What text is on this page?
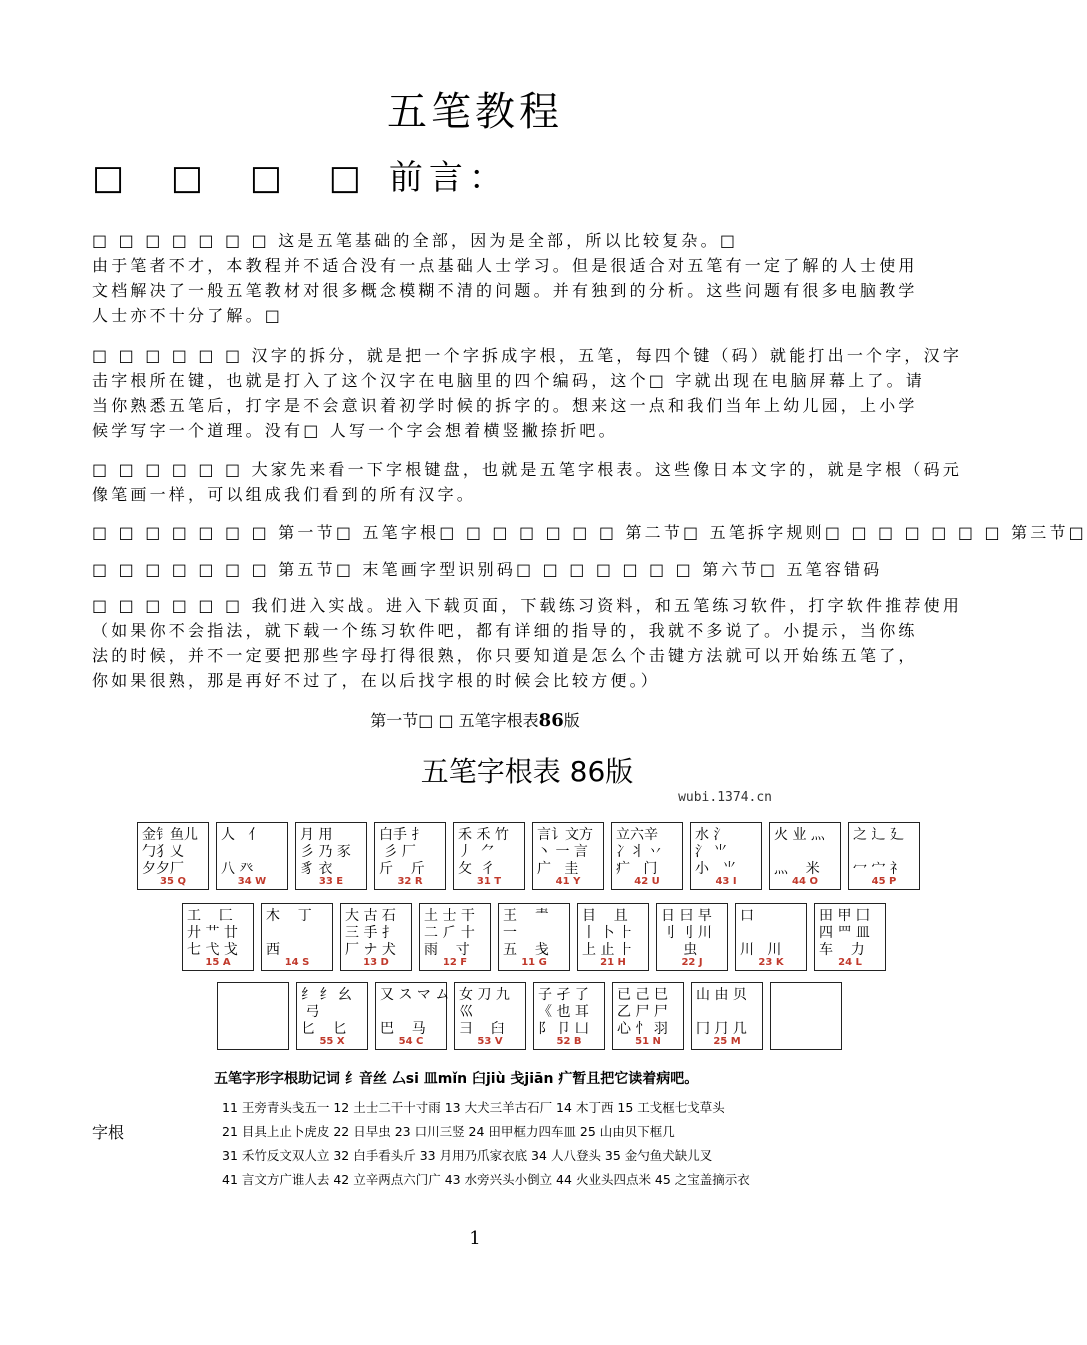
五笔教程
□ □ □ □ 前言：
□ □ □ □ □ □ □ 这是五笔基础的全部，因为是全部，所以比较复杂。□
由于笔者不才，本教程并不适合没有一点基础人士学习。但是很适合对五笔有一定了解的人士使用
文档解决了一般五笔教材对很多概念模糊不清的问题。并有独到的分析。这些问题有很多电脑教学
人士亦不十分了解。□
□ □ □ □ □ □ 汉字的拆分，就是把一个字拆成字根，五笔，每四个键（码）就能打出一个字，汉字
击字根所在键，也就是打入了这个汉字在电脑里的四个编码，这个□ 字就出现在电脑屏幕上了。请
当你熟悉五笔后，打字是不会意识着初学时候的拆字的。想来这一点和我们当年上幼儿园，上小学
候学写字一个道理。没有□ 人写一个字会想着横竖撇捺折吧。
□ □ □ □ □ □ 大家先来看一下字根键盘，也就是五笔字根表。这些像日本文字的，就是字根（码元
像笔画一样，可以组成我们看到的所有汉字。
□ □ □ □ □ □ □ 第一节□ 五笔字根□ □ □ □ □ □ □ 第二节□ 五笔拆字规则□ □ □ □ □ □ □ 第三节□
□ □ □ □ □ □ □ 第五节□ 末笔画字型识别码□ □ □ □ □ □ □ 第六节□ 五笔容错码
□ □ □ □ □ □ 我们进入实战。进入下载页面，下载练习资料，和五笔练习软件，打字软件推荐使用
（如果你不会指法，就下载一个练习软件吧，都有详细的指导的，我就不多说了。小提示，当你练
法的时候，并不一定要把那些字母打得很熟，你只要知道是怎么个击键方法就可以开始练五笔了，
你如果很熟，那是再好不过了，在以后找字根的时候会比较方便。）
第一节□ □ 五笔字根表86版
五笔字根表 86版
wubi.1374.cn
金钅鱼儿
勹犭乂
夕夕厂
35 Q
人   亻

八 癶
34 W
月 用
彡 乃 豕
豸 衣
33 E
白手 扌
彡 厂
斤    斤
32 R
禾 禾 竹
丿  ⺈
攵  彳
31 T
言讠文方
丶 一 言
广   圭
41 Y
立六辛
冫丬 丷
疒   门
42 U
水 氵
氵 ⺌
小   ⺌
43 I
火 业 灬

灬    米
44 O
之 辶 廴

冖 宀 礻
45 P
工    匚
廾 艹 廿
七 弋 戈
15 A
木    丁

西
14 S
大 古 石
三 手 ⺘
厂 ナ 犬
13 D
土 士 干
二 ⺁ 十
雨    寸
12 F
王    龶
一
五    戋
11 G
目    且
丨 卜 ⺊
上 止 ⺊
21 H
日 曰 早
刂 刂 川
虫
22 J
口

川   川
23 K
田 甲 囗
四 罒 皿
车    力
24 L
纟 纟 幺
弓
匕    匕
55 X
又 ス マ ム

巴    马
54 C
女 刀 九
巛
彐    臼
53 V
子 孑 了
《 也 耳
阝 卩 凵
52 B
已 己 巳
乙 尸 尸
心 忄 羽
51 N
山 由 贝

冂 ⺆ 几
25 M
五笔字形字根助记词 纟音丝 厶si 皿mǐn 臼jiù 戋jiān 疒暂且把它读着病吧。
11 王旁青头戋五一 12 土士二干十寸雨 13 大犬三羊古石厂 14 木丁西 15 工戈框七戈草头
21 目具上止卜虎皮 22 日早虫 23 口川三竖 24 田甲框力四车皿 25 山由贝下框几
31 禾竹反文双人立 32 白手看头斤 33 月用乃爪家衣底 34 人八登头 35 金勺鱼犬缺儿叉
41 言文方广谁人去 42 立辛两点六门广 43 水旁兴头小倒立 44 火业头四点米 45 之宝盖摘示衣
字根
1
